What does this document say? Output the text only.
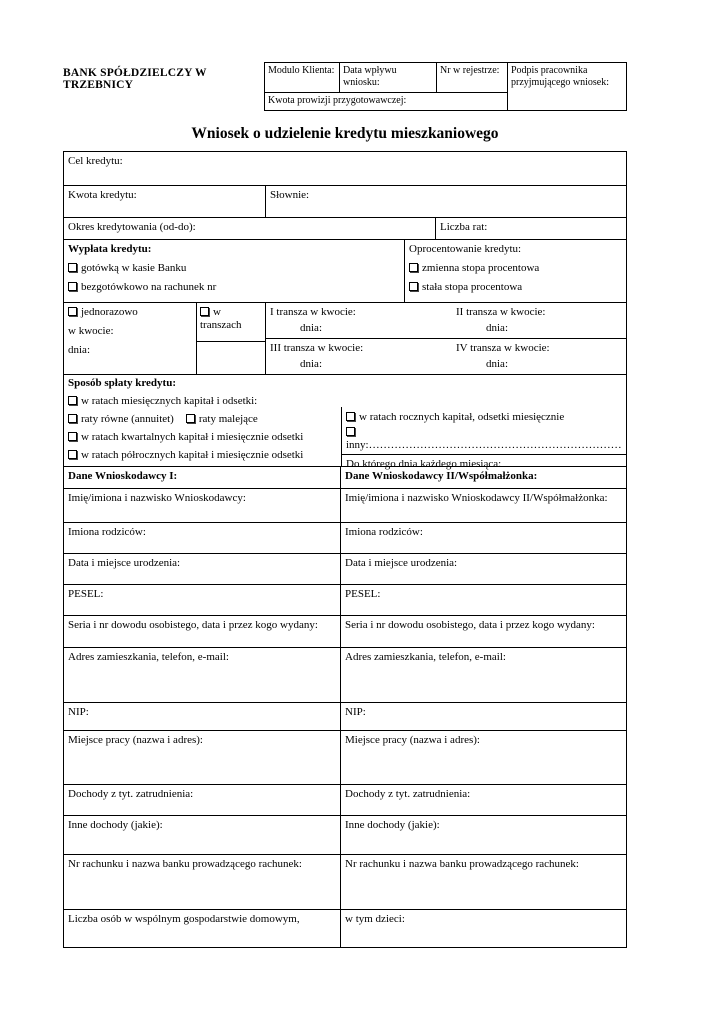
BANK SPÓŁDZIELCZY W TRZEBNICY
Modulo Klienta:	Data wpływu wniosku:	Nr w rejestrze:	Podpis pracownika przyjmującego wniosek:
Kwota prowizji przygotowawczej:
Wniosek o udzielenie kredytu mieszkaniowego
Cel kredytu:
Kwota kredytu:	Słownie:
Okres kredytowania (od-do):	Liczba rat:
Wypłata kredytu:
gotówką w kasie Banku
bezgotówkowo na rachunek nr
Oprocentowanie kredytu:
zmienna stopa procentowa
stała stopa procentowa
jednorazowo
w kwocie:
dnia:
w transzach
I transza w kwocie:
dnia:
II transza w kwocie:
dnia:
III transza w kwocie:
dnia:
IV transza w kwocie:
dnia:
Sposób spłaty kredytu:
w ratach miesięcznych kapitał i odsetki:
raty równe (annuitet) raty malejące
w ratach kwartalnych kapitał i miesięcznie odsetki
w ratach półrocznych kapitał i miesięcznie odsetki
w ratach rocznych kapitał, odsetki miesięcznie
inny:……………………………………………………………
Do którego dnia każdego miesiąca:
Dane Wnioskodawcy I:	Dane Wnioskodawcy II/Współmałżonka:
Imię/imiona i nazwisko Wnioskodawcy:	Imię/imiona i nazwisko Wnioskodawcy II/Współmałżonka:
Imiona rodziców:	Imiona rodziców:
Data i miejsce urodzenia:	Data i miejsce urodzenia:
PESEL:	PESEL:
Seria i nr dowodu osobistego, data i przez kogo wydany:	Seria i nr dowodu osobistego, data i przez kogo wydany:
Adres zamieszkania, telefon, e-mail:	Adres zamieszkania, telefon, e-mail:
NIP:	NIP:
Miejsce pracy (nazwa i adres):	Miejsce pracy (nazwa i adres):
Dochody z tyt. zatrudnienia:	Dochody z tyt. zatrudnienia:
Inne dochody (jakie):	Inne dochody (jakie):
Nr rachunku i nazwa banku prowadzącego rachunek:	Nr rachunku i nazwa banku prowadzącego rachunek:
Liczba osób w wspólnym gospodarstwie domowym,	w tym dzieci:
